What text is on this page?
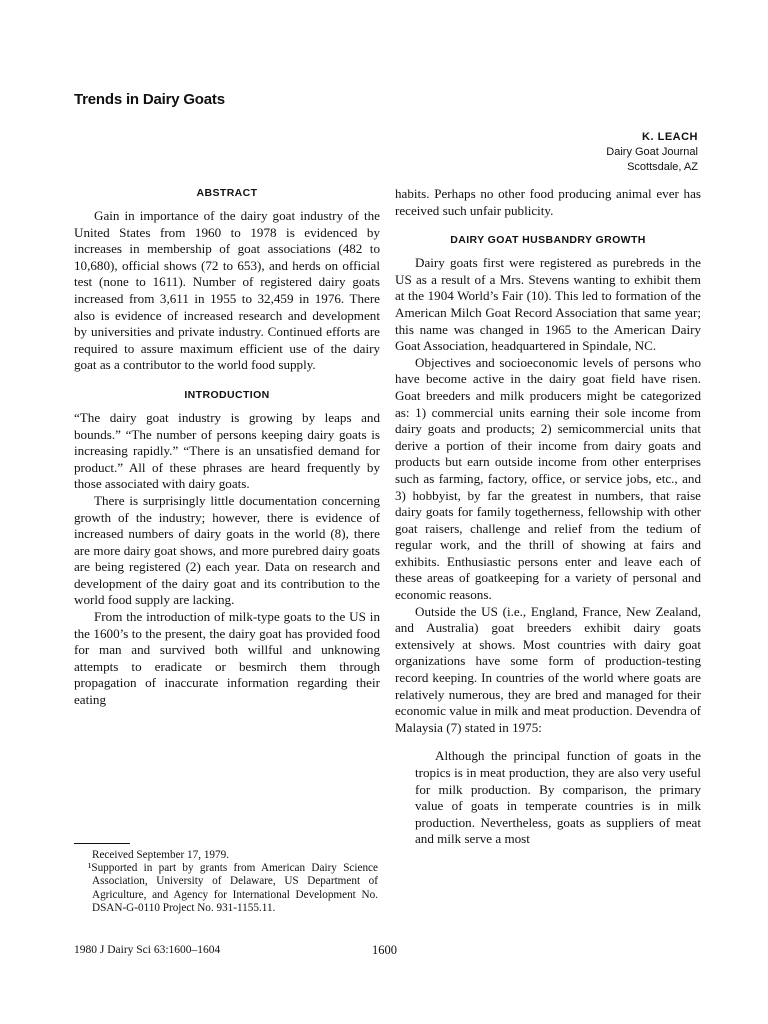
Trends in Dairy Goats
K. LEACH
Dairy Goat Journal
Scottsdale, AZ
ABSTRACT

Gain in importance of the dairy goat industry of the United States from 1960 to 1978 is evidenced by increases in membership of goat associations (482 to 10,680), official shows (72 to 653), and herds on official test (none to 1611). Number of registered dairy goats increased from 3,611 in 1955 to 32,459 in 1976. There also is evidence of increased research and development by universities and private industry. Continued efforts are required to assure maximum efficient use of the dairy goat as a contributor to the world food supply.

INTRODUCTION

“The dairy goat industry is growing by leaps and bounds.” “The number of persons keeping dairy goats is increasing rapidly.” “There is an unsatisfied demand for product.” All of these phrases are heard frequently by those associated with dairy goats.

There is surprisingly little documentation concerning growth of the industry; however, there is evidence of increased numbers of dairy goats in the world (8), there are more dairy goat shows, and more purebred dairy goats are being registered (2) each year. Data on research and development of the dairy goat and its contribution to the world food supply are lacking.

From the introduction of milk-type goats to the US in the 1600’s to the present, the dairy goat has provided food for man and survived both willful and unknowing attempts to eradicate or besmirch them through propagation of inaccurate information regarding their eating

habits. Perhaps no other food producing animal ever has received such unfair publicity.

DAIRY GOAT HUSBANDRY GROWTH

Dairy goats first were registered as purebreds in the US as a result of a Mrs. Stevens wanting to exhibit them at the 1904 World’s Fair (10). This led to formation of the American Milch Goat Record Association that same year; this name was changed in 1965 to the American Dairy Goat Association, headquartered in Spindale, NC.

Objectives and socioeconomic levels of persons who have become active in the dairy goat field have risen. Goat breeders and milk producers might be categorized as: 1) commercial units earning their sole income from dairy goats and products; 2) semicommercial units that derive a portion of their income from dairy goats and products but earn outside income from other enterprises such as farming, factory, office, or service jobs, etc., and 3) hobbyist, by far the greatest in numbers, that raise dairy goats for family togetherness, fellowship with other goat raisers, challenge and relief from the tedium of regular work, and the thrill of showing at fairs and exhibits. Enthusiastic persons enter and leave each of these areas of goatkeeping for a variety of personal and economic reasons.

Outside the US (i.e., England, France, New Zealand, and Australia) goat breeders exhibit dairy goats extensively at shows. Most countries with dairy goat organizations have some form of production-testing record keeping. In countries of the world where goats are relatively numerous, they are bred and managed for their economic value in milk and meat production. Devendra of Malaysia (7) stated in 1975:

Although the principal function of goats in the tropics is in meat production, they are also very useful for milk production. By comparison, the primary value of goats in temperate countries is in milk production. Nevertheless, goats as suppliers of meat and milk serve a most

Received September 17, 1979.
¹Supported in part by grants from American Dairy Science Association, University of Delaware, US Department of Agriculture, and Agency for International Development No. DSAN-G-0110 Project No. 931-1155.11.
1980 J Dairy Sci 63:1600–1604	1600
